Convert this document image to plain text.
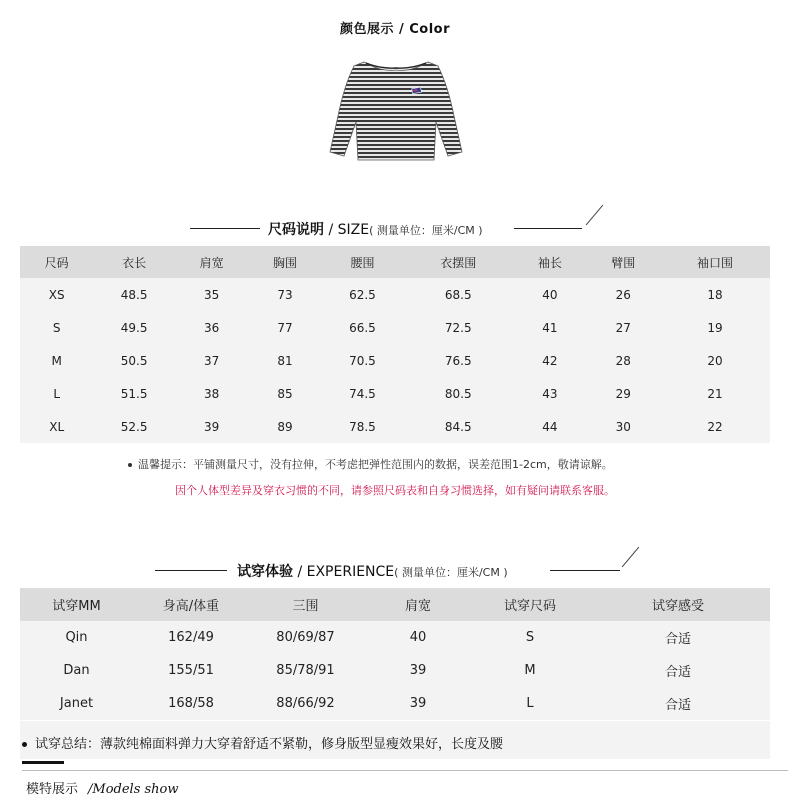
颜色展示 / Color
尺码说明 / SIZE( 测量单位：厘米/CM )
尺码	衣长	肩宽	胸围	腰围	衣摆围	袖长	臂围	袖口围
XS	48.5	35	73	62.5	68.5	40	26	18
S	49.5	36	77	66.5	72.5	41	27	19
M	50.5	37	81	70.5	76.5	42	28	20
L	51.5	38	85	74.5	80.5	43	29	21
XL	52.5	39	89	78.5	84.5	44	30	22
温馨提示：平铺测量尺寸，没有拉伸，不考虑把弹性范围内的数据，误差范围1-2cm，敬请谅解。
因个人体型差异及穿衣习惯的不同，请参照尺码表和自身习惯选择，如有疑问请联系客服。
试穿体验 / EXPERIENCE( 测量单位：厘米/CM )
试穿MM	身高/体重	三围	肩宽	试穿尺码	试穿感受
Qin	162/49	80/69/87	40	S	合适
Dan	155/51	85/78/91	39	M	合适
Janet	168/58	88/66/92	39	L	合适
试穿总结：薄款纯棉面料弹力大穿着舒适不紧勒，修身版型显瘦效果好，长度及腰
模特展示 /Models show
